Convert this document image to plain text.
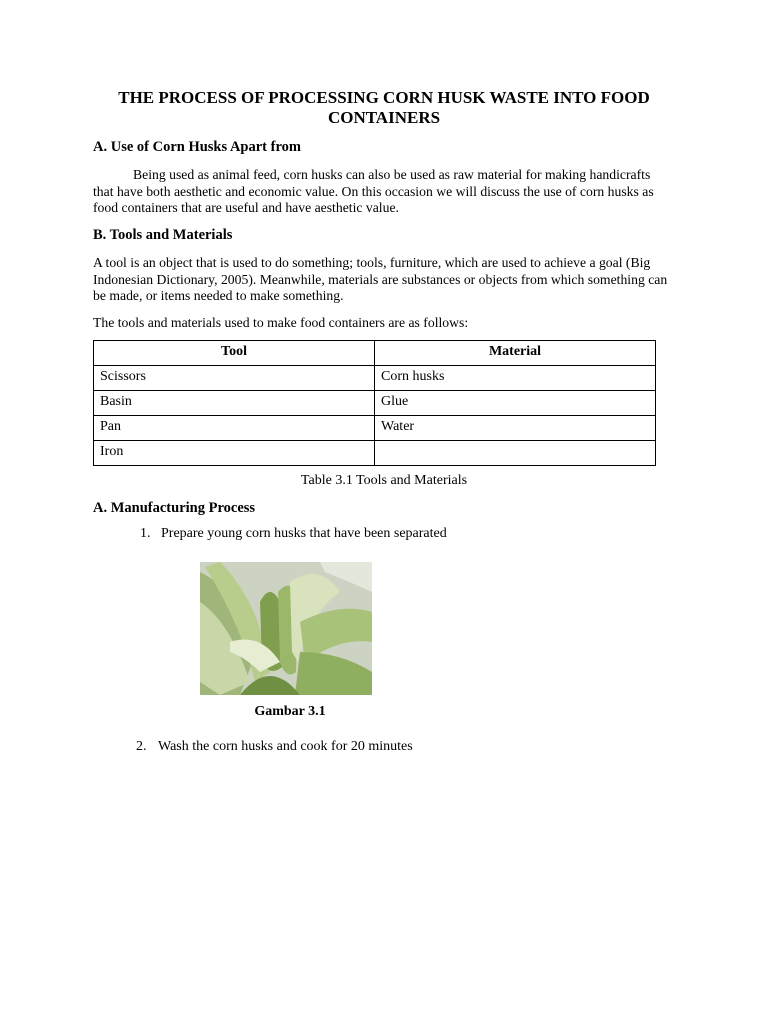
THE PROCESS OF PROCESSING CORN HUSK WASTE INTO FOOD CONTAINERS
A. Use of Corn Husks Apart from

Being used as animal feed, corn husks can also be used as raw material for making handicrafts that have both aesthetic and economic value. On this occasion we will discuss the use of corn husks as food containers that are useful and have aesthetic value.

B. Tools and Materials

A tool is an object that is used to do something; tools, furniture, which are used to achieve a goal (Big Indonesian Dictionary, 2005). Meanwhile, materials are substances or objects from which something can be made, or items needed to make something.

The tools and materials used to make food containers are as follows:

Tool	Material
Scissors	Corn husks
Basin	Glue
Pan	Water
Iron	
Table 3.1 Tools and Materials
A. Manufacturing Process
1. Prepare young corn husks that have been separated
Gambar 3.1
2. Wash the corn husks and cook for 20 minutes
